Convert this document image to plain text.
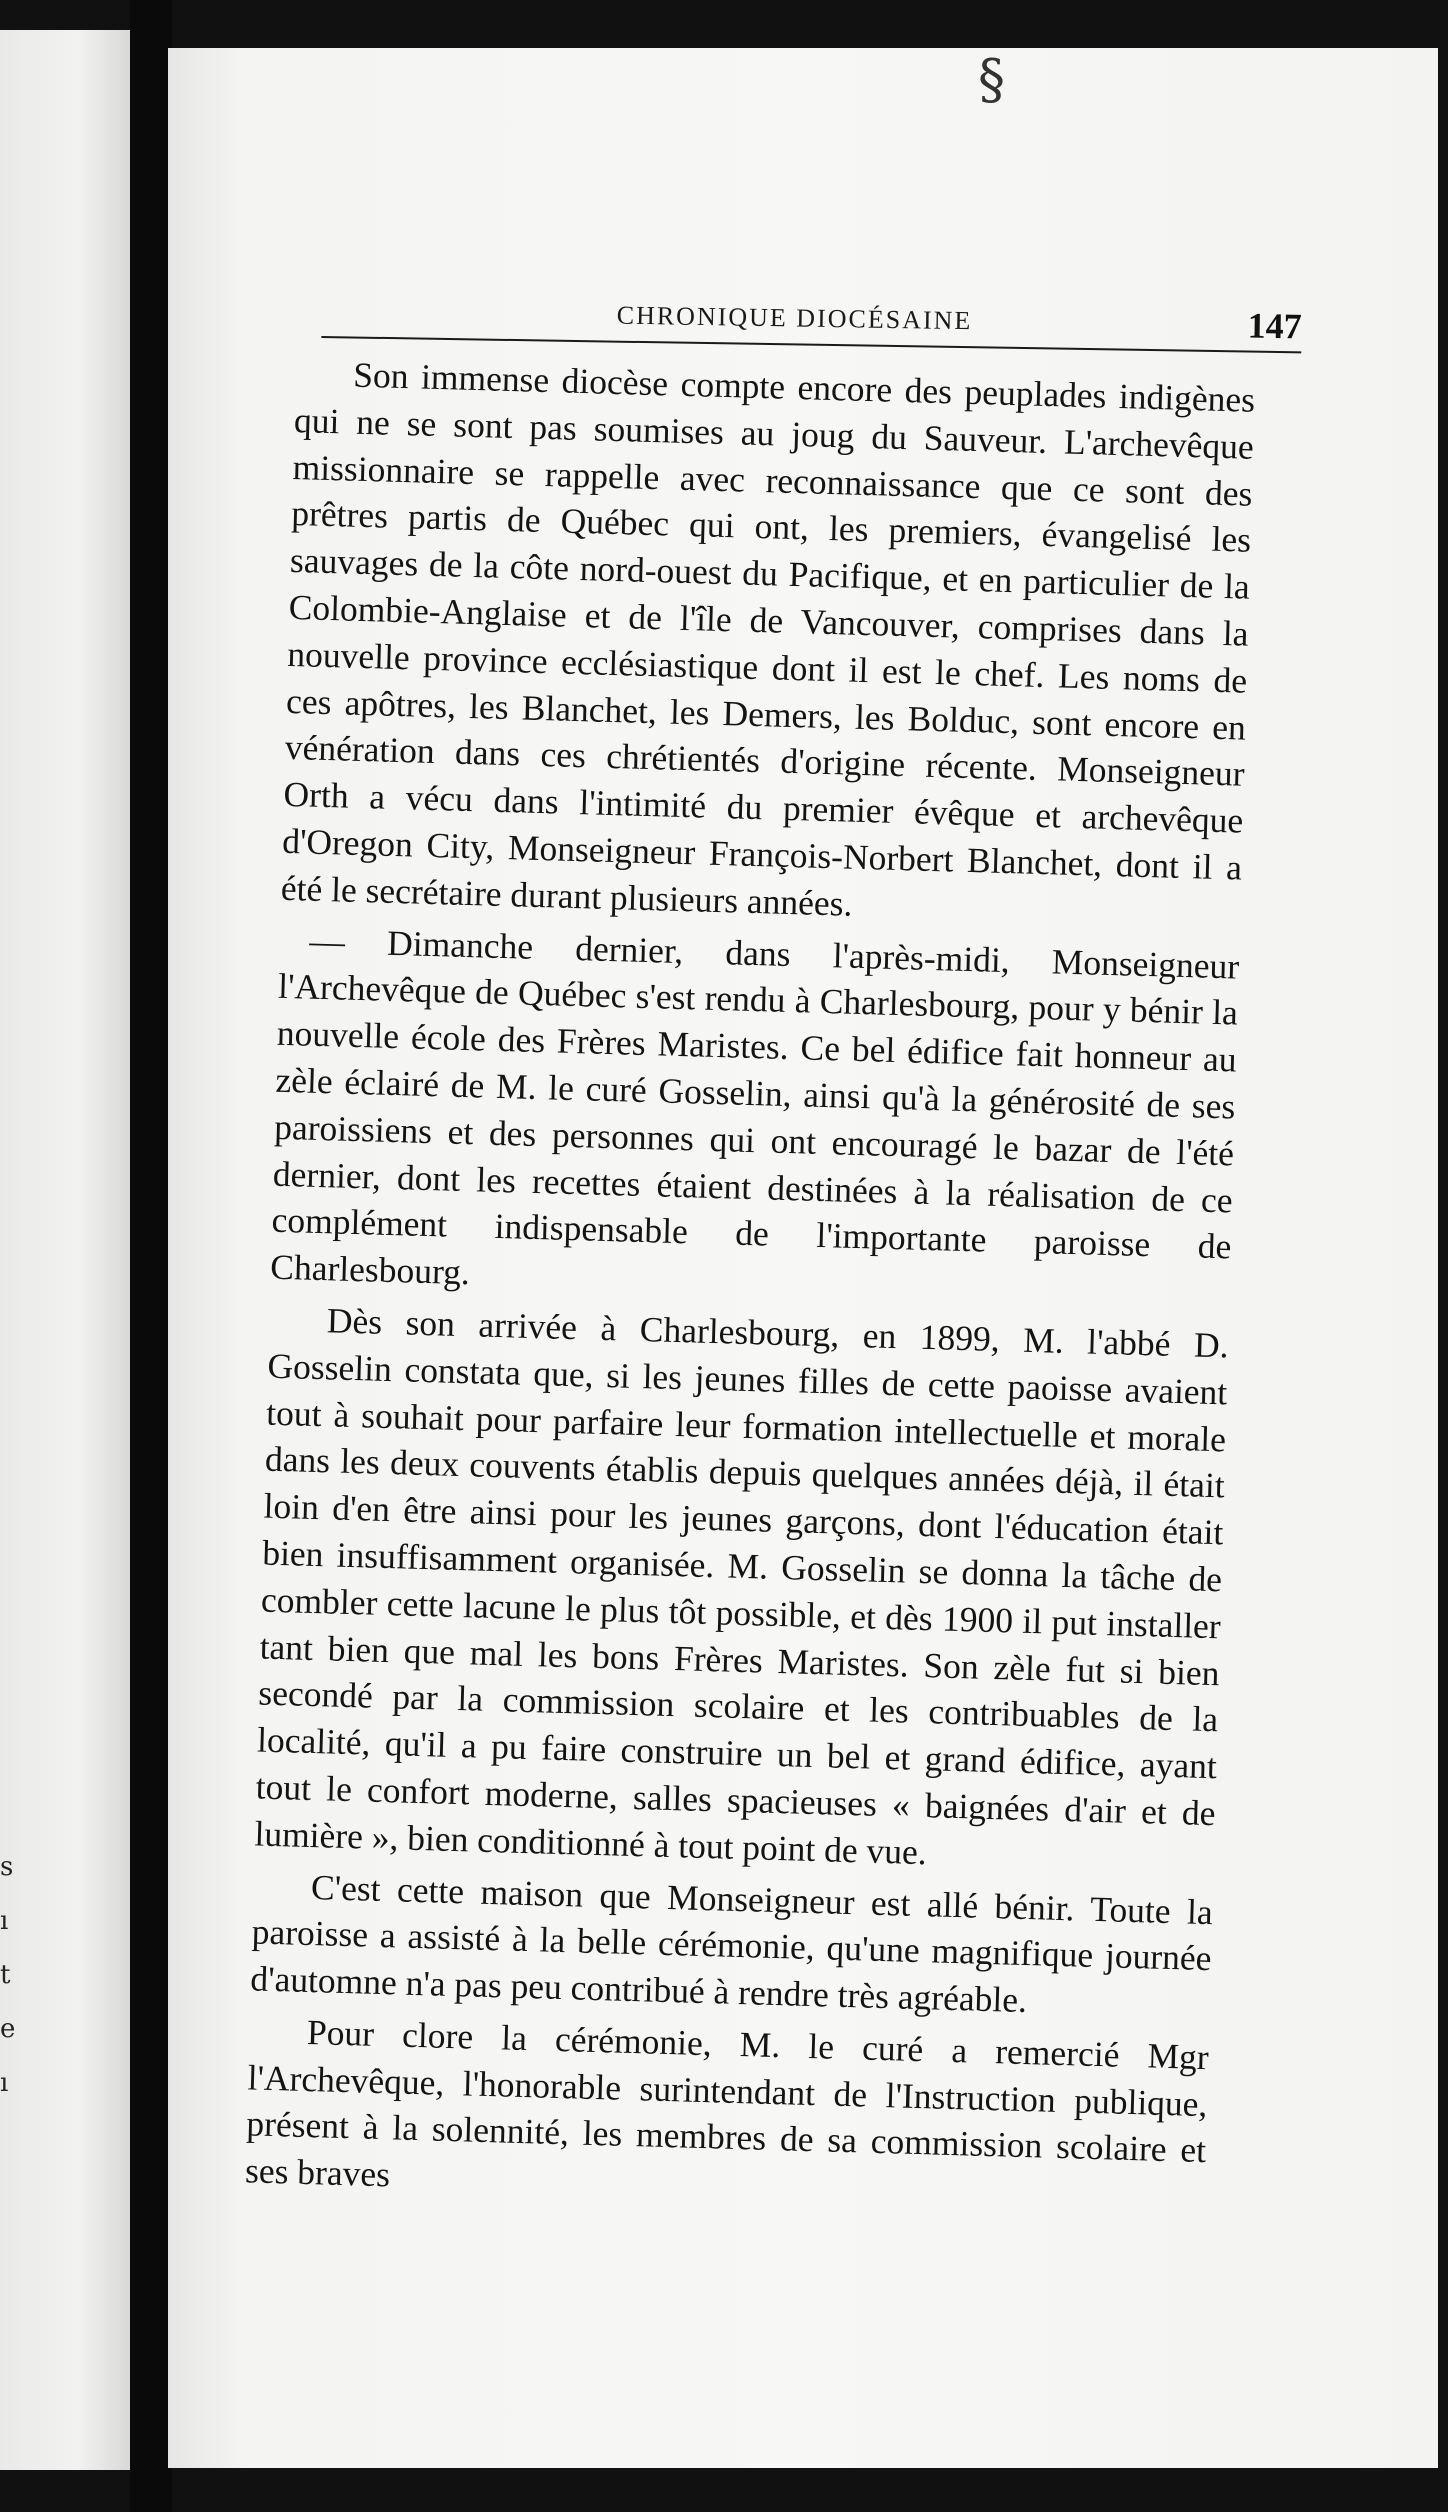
s
ı
t
e
ı
§
CHRONIQUE DIOCÉSAINE	147

Son immense diocèse compte encore des peuplades indigènes qui ne se sont pas soumises au joug du Sauveur. L'archevêque missionnaire se rappelle avec reconnaissance que ce sont des prêtres partis de Québec qui ont, les premiers, évangelisé les sauvages de la côte nord-ouest du Pacifique, et en particulier de la Colombie-Anglaise et de l'île de Vancouver, comprises dans la nouvelle province ecclésiastique dont il est le chef. Les noms de ces apôtres, les Blanchet, les Demers, les Bolduc, sont encore en vénération dans ces chrétientés d'origine récente. Monseigneur Orth a vécu dans l'intimité du premier évêque et archevêque d'Oregon City, Monseigneur François-Norbert Blanchet, dont il a été le secrétaire durant plusieurs années.

— Dimanche dernier, dans l'après-midi, Monseigneur l'Archevêque de Québec s'est rendu à Charlesbourg, pour y bénir la nouvelle école des Frères Maristes. Ce bel édifice fait honneur au zèle éclairé de M. le curé Gosselin, ainsi qu'à la générosité de ses paroissiens et des personnes qui ont encouragé le bazar de l'été dernier, dont les recettes étaient destinées à la réalisation de ce complément indispensable de l'importante paroisse de Charlesbourg.

Dès son arrivée à Charlesbourg, en 1899, M. l'abbé D. Gosselin constata que, si les jeunes filles de cette paoisse avaient tout à souhait pour parfaire leur formation intellectuelle et morale dans les deux couvents établis depuis quelques années déjà, il était loin d'en être ainsi pour les jeunes garçons, dont l'éducation était bien insuffisamment organisée. M. Gosselin se donna la tâche de combler cette lacune le plus tôt possible, et dès 1900 il put installer tant bien que mal les bons Frères Maristes. Son zèle fut si bien secondé par la commission scolaire et les contribuables de la localité, qu'il a pu faire construire un bel et grand édifice, ayant tout le confort moderne, salles spacieuses « baignées d'air et de lumière », bien conditionné à tout point de vue.

C'est cette maison que Monseigneur est allé bénir. Toute la paroisse a assisté à la belle cérémonie, qu'une magnifique journée d'automne n'a pas peu contribué à rendre très agréable.

Pour clore la cérémonie, M. le curé a remercié Mgr l'Archevêque, l'honorable surintendant de l'Instruction publique, présent à la solennité, les membres de sa commission scolaire et ses braves
